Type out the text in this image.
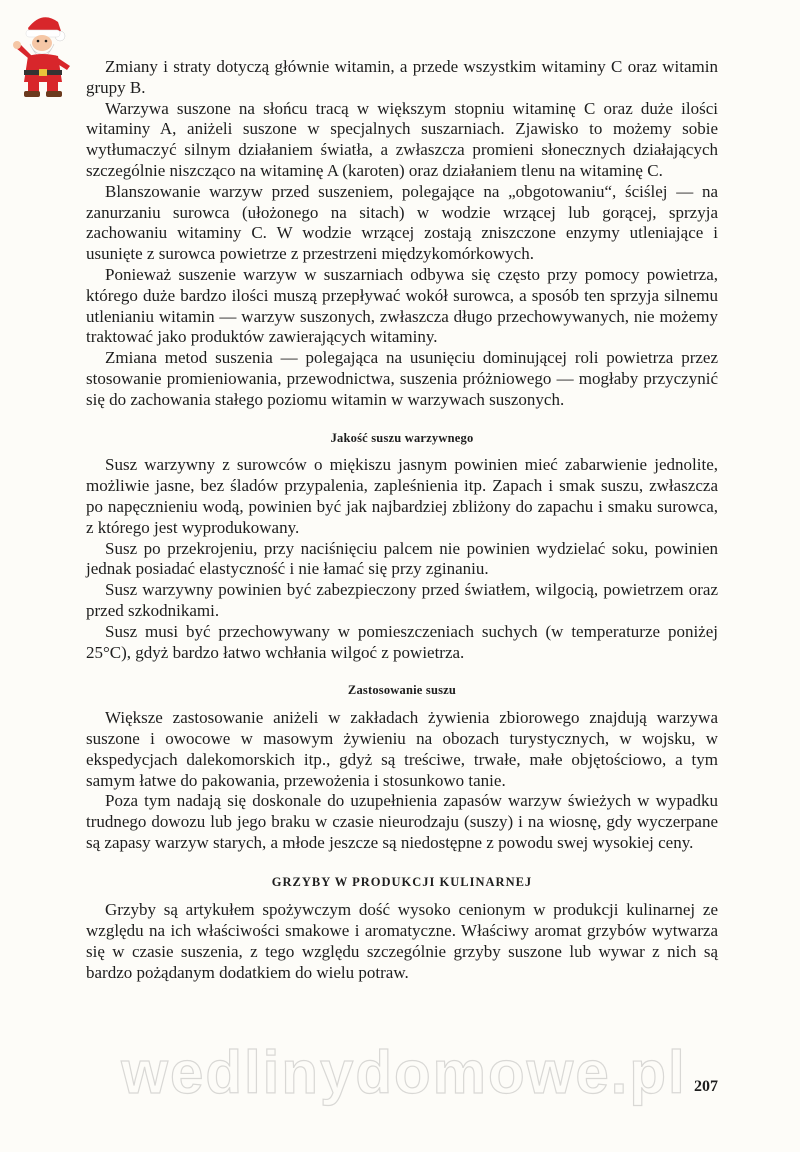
Zmiany i straty dotyczą głównie witamin, a przede wszystkim witaminy C oraz witamin grupy B.

Warzywa suszone na słońcu tracą w większym stopniu witaminę C oraz duże ilości witaminy A, aniżeli suszone w specjalnych suszarniach. Zjawisko to możemy sobie wytłumaczyć silnym działaniem światła, a zwłaszcza promieni słonecznych działających szczególnie niszcząco na witaminę A (karoten) oraz działaniem tlenu na witaminę C.

Blanszowanie warzyw przed suszeniem, polegające na „obgotowaniu“, ściślej — na zanurzaniu surowca (ułożonego na sitach) w wodzie wrzącej lub gorącej, sprzyja zachowaniu witaminy C. W wodzie wrzącej zostają zniszczone enzymy utleniające i usunięte z surowca powietrze z przestrzeni międzykomórkowych.

Ponieważ suszenie warzyw w suszarniach odbywa się często przy pomocy powietrza, którego duże bardzo ilości muszą przepływać wokół surowca, a sposób ten sprzyja silnemu utlenianiu witamin — warzyw suszonych, zwłaszcza długo przechowywanych, nie możemy traktować jako produktów zawierających witaminy.

Zmiana metod suszenia — polegająca na usunięciu dominującej roli powietrza przez stosowanie promieniowania, przewodnictwa, suszenia próżniowego — mogłaby przyczynić się do zachowania stałego poziomu witamin w warzywach suszonych.

Jakość suszu warzywnego

Susz warzywny z surowców o miękiszu jasnym powinien mieć zabarwienie jednolite, możliwie jasne, bez śladów przypalenia, zapleśnienia itp. Zapach i smak suszu, zwłaszcza po napęcznieniu wodą, powinien być jak najbardziej zbliżony do zapachu i smaku surowca, z którego jest wyprodukowany.

Susz po przekrojeniu, przy naciśnięciu palcem nie powinien wydzielać soku, powinien jednak posiadać elastyczność i nie łamać się przy zginaniu.

Susz warzywny powinien być zabezpieczony przed światłem, wilgocią, powietrzem oraz przed szkodnikami.

Susz musi być przechowywany w pomieszczeniach suchych (w temperaturze poniżej 25°C), gdyż bardzo łatwo wchłania wilgoć z powietrza.

Zastosowanie suszu

Większe zastosowanie aniżeli w zakładach żywienia zbiorowego znajdują warzywa suszone i owocowe w masowym żywieniu na obozach turystycznych, w wojsku, w ekspedycjach dalekomorskich itp., gdyż są treściwe, trwałe, małe objętościowo, a tym samym łatwe do pakowania, przewożenia i stosunkowo tanie.

Poza tym nadają się doskonale do uzupełnienia zapasów warzyw świeżych w wypadku trudnego dowozu lub jego braku w czasie nieurodzaju (suszy) i na wiosnę, gdy wyczerpane są zapasy warzyw starych, a młode jeszcze są niedostępne z powodu swej wysokiej ceny.

GRZYBY W PRODUKCJI KULINARNEJ

Grzyby są artykułem spożywczym dość wysoko cenionym w produkcji kulinarnej ze względu na ich właściwości smakowe i aromatyczne. Właściwy aromat grzybów wytwarza się w czasie suszenia, z tego względu szczególnie grzyby suszone lub wywar z nich są bardzo pożądanym dodatkiem do wielu potraw.

wedlinydomowe.pl 207
